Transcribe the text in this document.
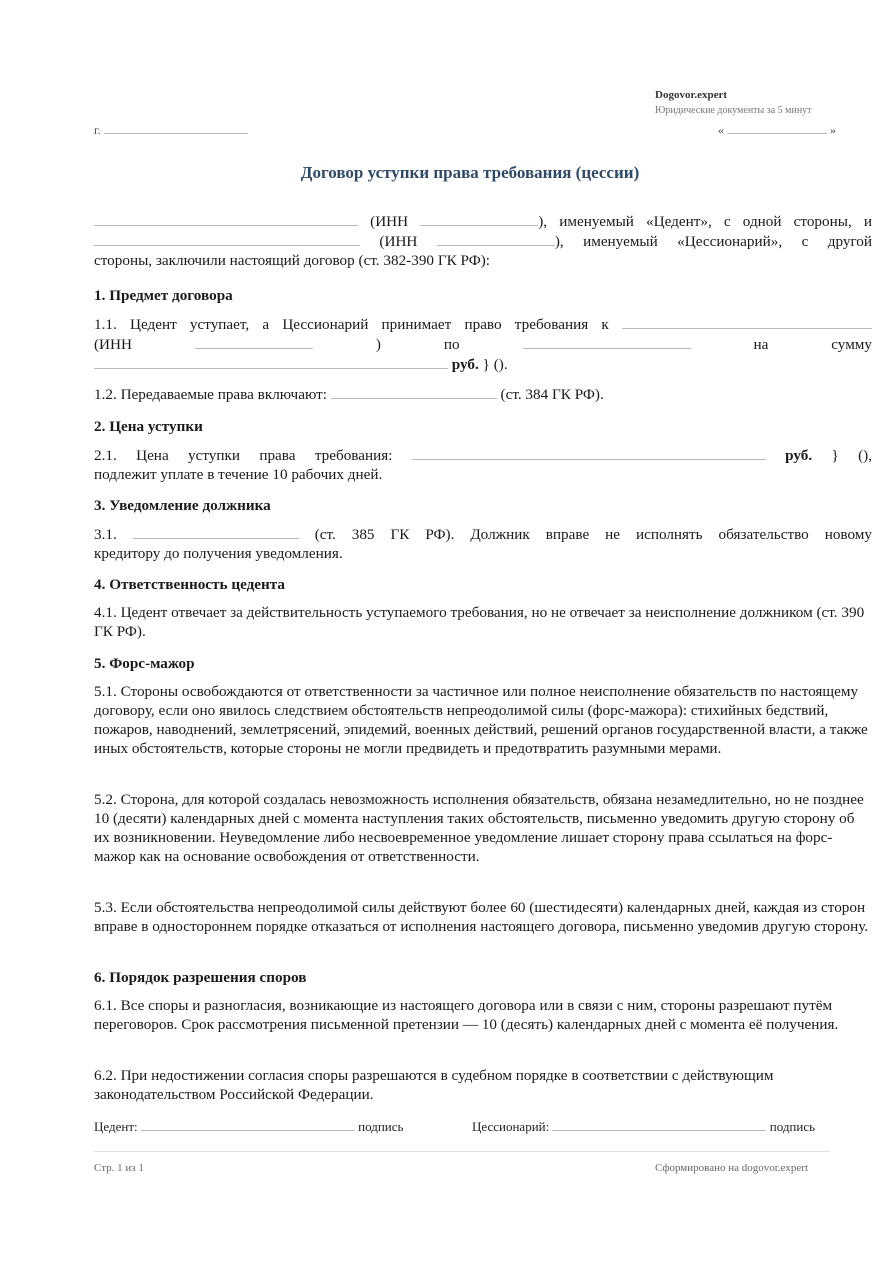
Dogovor.expert
Юридические документы за 5 минут
г.	«	»
Договор уступки права требования (цессии)
(ИНН	), именуемый «Цедент», с одной стороны, и
(ИНН	), именуемый «Цессионарий», с другой
стороны, заключили настоящий договор (ст. 382-390 ГК РФ):
1. Предмет договора
1.1. Цедент уступает, а Цессионарий принимает право требования к
(ИНН	)	по	на	сумму
руб. } ().
1.2. Передаваемые права включают:	(ст. 384 ГК РФ).
2. Цена уступки
2.1. Цена уступки права требования:	руб. } (),
подлежит уплате в течение 10 рабочих дней.
3. Уведомление должника
3.1.	(ст. 385 ГК РФ). Должник вправе не исполнять обязательство новому
кредитору до получения уведомления.
4. Ответственность цедента

4.1. Цедент отвечает за действительность уступаемого требования, но не отвечает за неисполнение должником (ст. 390 ГК РФ).

5. Форс-мажор

5.1. Стороны освобождаются от ответственности за частичное или полное неисполнение обязательств по настоящему договору, если оно явилось следствием обстоятельств непреодолимой силы (форс-мажора): стихийных бедствий, пожаров, наводнений, землетрясений, эпидемий, военных действий, решений органов государственной власти, а также иных обстоятельств, которые стороны не могли предвидеть и предотвратить разумными мерами.

5.2. Сторона, для которой создалась невозможность исполнения обязательств, обязана незамедлительно, но не позднее 10 (десяти) календарных дней с момента наступления таких обстоятельств, письменно уведомить другую сторону об их возникновении. Неуведомление либо несвоевременное уведомление лишает сторону права ссылаться на форс-мажор как на основание освобождения от ответственности.

5.3. Если обстоятельства непреодолимой силы действуют более 60 (шестидесяти) календарных дней, каждая из сторон вправе в одностороннем порядке отказаться от исполнения настоящего договора, письменно уведомив другую сторону.

6. Порядок разрешения споров

6.1. Все споры и разногласия, возникающие из настоящего договора или в связи с ним, стороны разрешают путём переговоров. Срок рассмотрения письменной претензии — 10 (десять) календарных дней с момента её получения.

6.2. При недостижении согласия споры разрешаются в судебном порядке в соответствии с действующим законодательством Российской Федерации.

Цедент:	подпись	Цессионарий:	подпись
Стр. 1 из 1	Сформировано на dogovor.expert
